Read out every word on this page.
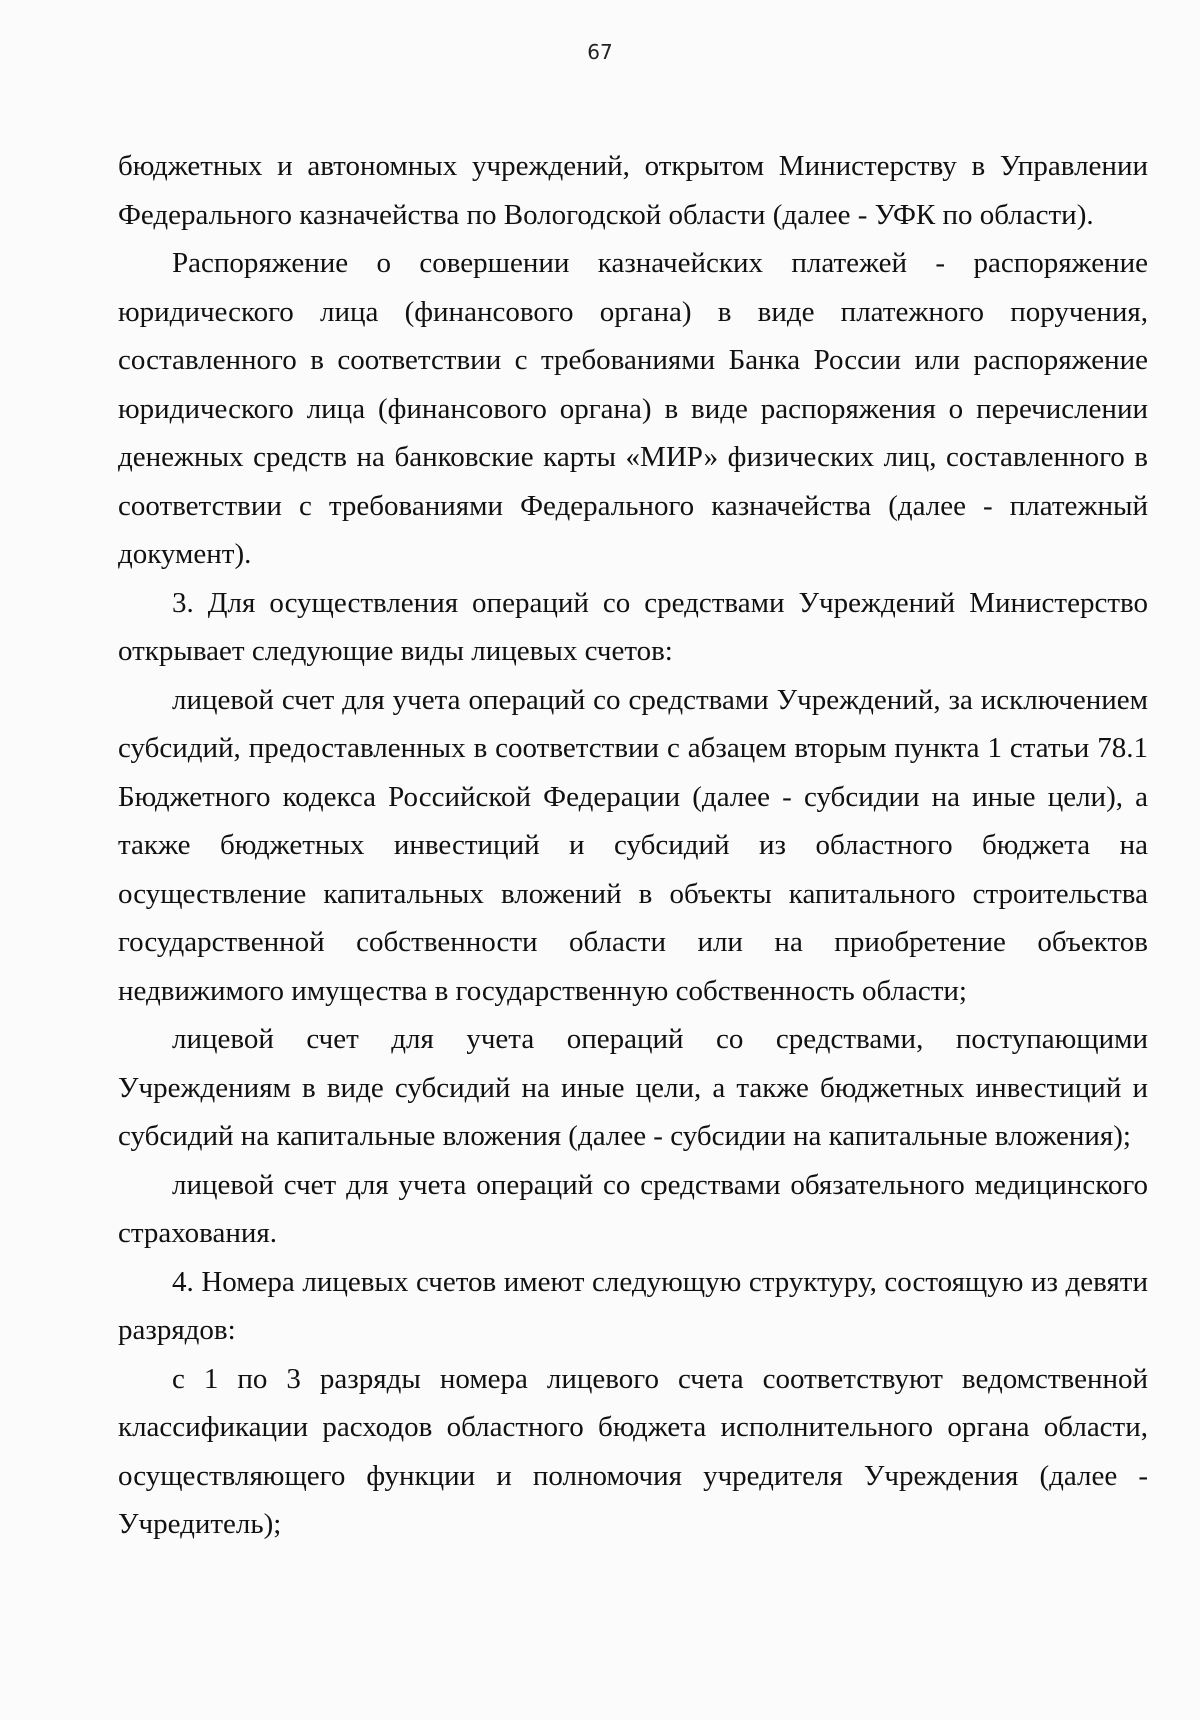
67

бюджетных и автономных учреждений, открытом Министерству в Управлении Федерального казначейства по Вологодской области (далее - УФК по области).

Распоряжение о совершении казначейских платежей - распоряжение юридического лица (финансового органа) в виде платежного поручения, составленного в соответствии с требованиями Банка России или распоряжение юридического лица (финансового органа) в виде распоряжения о перечислении денежных средств на банковские карты «МИР» физических лиц, составленного в соответствии с требованиями Федерального казначейства (далее - платежный документ).

3. Для осуществления операций со средствами Учреждений Министерство открывает следующие виды лицевых счетов:

лицевой счет для учета операций со средствами Учреждений, за исключением субсидий, предоставленных в соответствии с абзацем вторым пункта 1 статьи 78.1 Бюджетного кодекса Российской Федерации (далее - субсидии на иные цели), а также бюджетных инвестиций и субсидий из областного бюджета на осуществление капитальных вложений в объекты капитального строительства государственной собственности области или на приобретение объектов недвижимого имущества в государственную собственность области;

лицевой счет для учета операций со средствами, поступающими Учреждениям в виде субсидий на иные цели, а также бюджетных инвестиций и субсидий на капитальные вложения (далее - субсидии на капитальные вложения);

лицевой счет для учета операций со средствами обязательного медицинского страхования.

4. Номера лицевых счетов имеют следующую структуру, состоящую из девяти разрядов:

с 1 по 3 разряды номера лицевого счета соответствуют ведомственной классификации расходов областного бюджета исполнительного органа области, осуществляющего функции и полномочия учредителя Учреждения (далее - Учредитель);
